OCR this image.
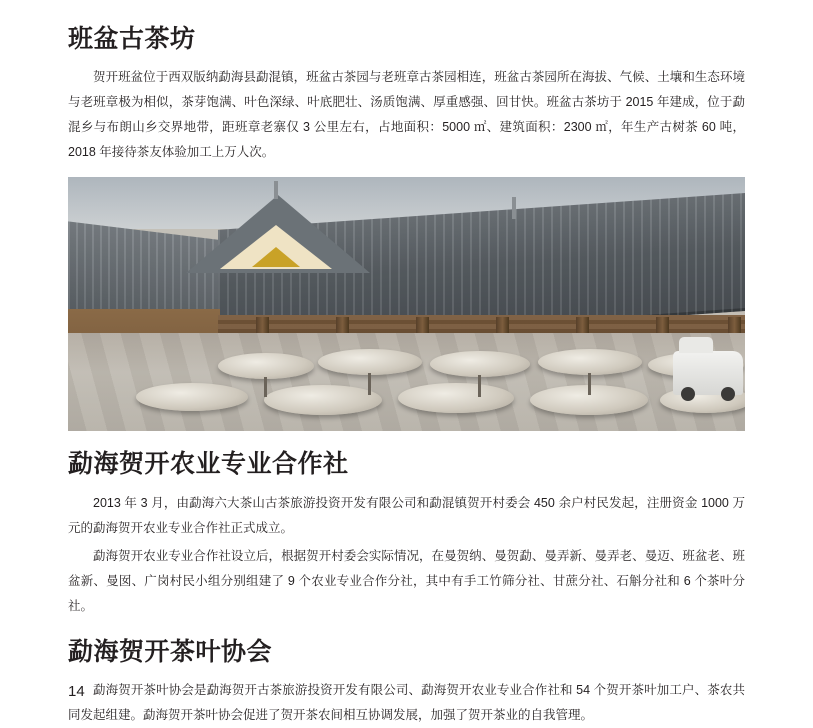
班盆古茶坊

贺开班盆位于西双版纳勐海县勐混镇，班盆古茶园与老班章古茶园相连，班盆古茶园所在海拔、气候、土壤和生态环境与老班章极为相似，茶芽饱满、叶色深绿、叶底肥壮、汤质饱满、厚重感强、回甘快。班盆古茶坊于 2015 年建成，位于勐混乡与布朗山乡交界地带，距班章老寨仅 3 公里左右，占地面积：5000 ㎡、建筑面积：2300 ㎡，年生产古树茶 60 吨，2018 年接待茶友体验加工上万人次。

勐海贺开农业专业合作社

2013 年 3 月，由勐海六大茶山古茶旅游投资开发有限公司和勐混镇贺开村委会 450 余户村民发起，注册资金 1000 万元的勐海贺开农业专业合作社正式成立。

勐海贺开农业专业合作社设立后，根据贺开村委会实际情况，在曼贺纳、曼贺勐、曼弄新、曼弄老、曼迈、班盆老、班盆新、曼囡、广岗村民小组分别组建了 9 个农业专业合作分社，其中有手工竹筛分社、甘蔗分社、石斛分社和 6 个茶叶分社。

勐海贺开茶叶协会

勐海贺开茶叶协会是勐海贺开古茶旅游投资开发有限公司、勐海贺开农业专业合作社和 54 个贺开茶叶加工户、茶农共同发起组建。勐海贺开茶叶协会促进了贺开茶农间相互协调发展，加强了贺开茶业的自我管理。

14
